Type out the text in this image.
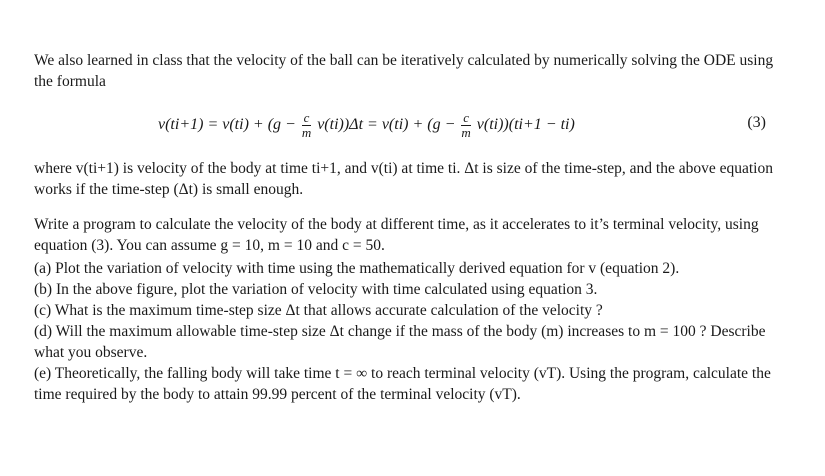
We also learned in class that the velocity of the ball can be iteratively calculated by numerically solving the ODE using the formula

$v(ti+1) = v(ti) + (g - \frac{c}{m} v(ti))\Delta t = v(ti) + (g - \frac{c}{m} v(ti))(ti+1 - ti)$	(3)

where v(ti+1) is velocity of the body at time ti+1, and v(ti) at time ti. Δt is size of the time-step, and the above equation works if the time-step (Δt) is small enough.

Write a program to calculate the velocity of the body at different time, as it accelerates to it’s terminal velocity, using equation (3). You can assume g = 10, m = 10 and c = 50.

(a) Plot the variation of velocity with time using the mathematically derived equation for v (equation 2).
(b) In the above figure, plot the variation of velocity with time calculated using equation 3.
(c) What is the maximum time-step size Δt that allows accurate calculation of the velocity ?
(d) Will the maximum allowable time-step size Δt change if the mass of the body (m) increases to m = 100 ? Describe what you observe.
(e) Theoretically, the falling body will take time t = ∞ to reach terminal velocity (vT). Using the program, calculate the time required by the body to attain 99.99 percent of the terminal velocity (vT).
